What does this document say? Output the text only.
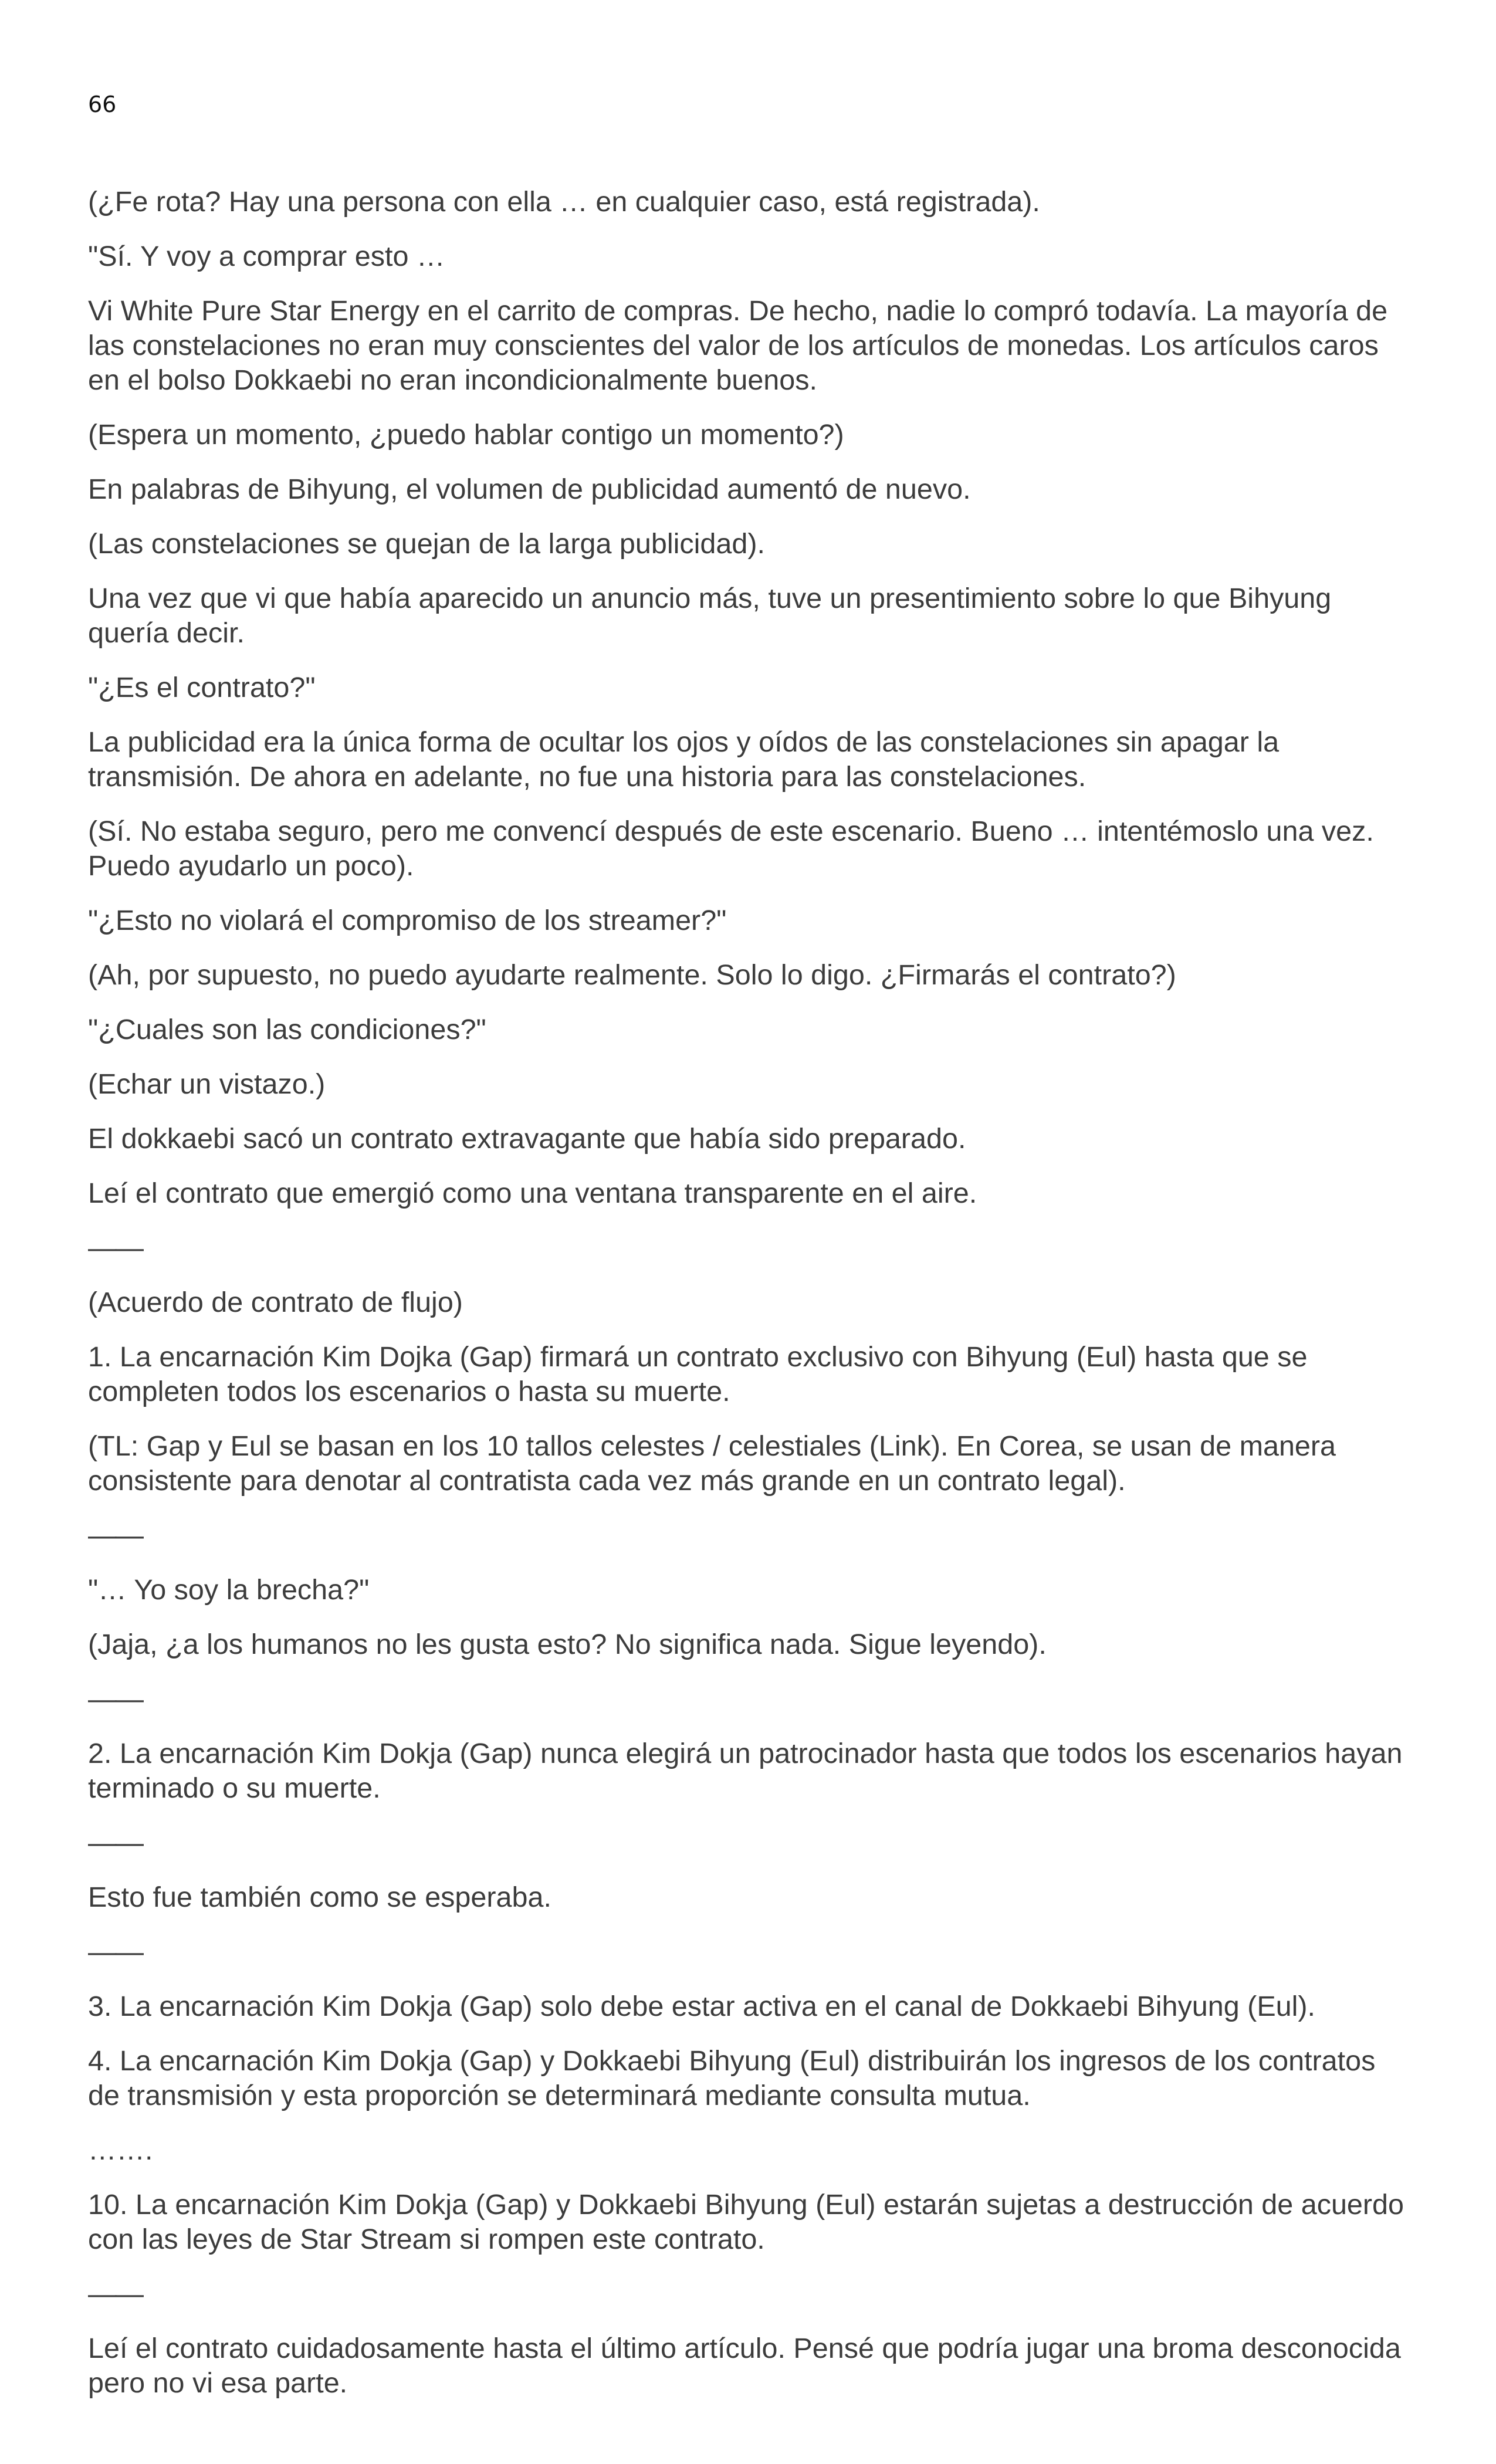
66

(¿Fe rota? Hay una persona con ella … en cualquier caso, está registrada).

"Sí. Y voy a comprar esto …

Vi White Pure Star Energy en el carrito de compras. De hecho, nadie lo compró todavía. La mayoría de las constelaciones no eran muy conscientes del valor de los artículos de monedas. Los artículos caros en el bolso Dokkaebi no eran incondicionalmente buenos.

(Espera un momento, ¿puedo hablar contigo un momento?)

En palabras de Bihyung, el volumen de publicidad aumentó de nuevo.

(Las constelaciones se quejan de la larga publicidad).

Una vez que vi que había aparecido un anuncio más, tuve un presentimiento sobre lo que Bihyung quería decir.

"¿Es el contrato?"

La publicidad era la única forma de ocultar los ojos y oídos de las constelaciones sin apagar la transmisión. De ahora en adelante, no fue una historia para las constelaciones.

(Sí. No estaba seguro, pero me convencí después de este escenario. Bueno … intentémoslo una vez. Puedo ayudarlo un poco).

"¿Esto no violará el compromiso de los streamer?"

(Ah, por supuesto, no puedo ayudarte realmente. Solo lo digo. ¿Firmarás el contrato?)

"¿Cuales son las condiciones?"

(Echar un vistazo.)

El dokkaebi sacó un contrato extravagante que había sido preparado.

Leí el contrato que emergió como una ventana transparente en el aire.

——

(Acuerdo de contrato de flujo)

1. La encarnación Kim Dojka (Gap) firmará un contrato exclusivo con Bihyung (Eul) hasta que se completen todos los escenarios o hasta su muerte.

(TL: Gap y Eul se basan en los 10 tallos celestes / celestiales (Link). En Corea, se usan de manera consistente para denotar al contratista cada vez más grande en un contrato legal).

——

"… Yo soy la brecha?"

(Jaja, ¿a los humanos no les gusta esto? No significa nada. Sigue leyendo).

——

2. La encarnación Kim Dokja (Gap) nunca elegirá un patrocinador hasta que todos los escenarios hayan terminado o su muerte.

——

Esto fue también como se esperaba.

——

3. La encarnación Kim Dokja (Gap) solo debe estar activa en el canal de Dokkaebi Bihyung (Eul).

4. La encarnación Kim Dokja (Gap) y Dokkaebi Bihyung (Eul) distribuirán los ingresos de los contratos de transmisión y esta proporción se determinará mediante consulta mutua.

…….

10. La encarnación Kim Dokja (Gap) y Dokkaebi Bihyung (Eul) estarán sujetas a destrucción de acuerdo con las leyes de Star Stream si rompen este contrato.

——

Leí el contrato cuidadosamente hasta el último artículo. Pensé que podría jugar una broma desconocida pero no vi esa parte.
